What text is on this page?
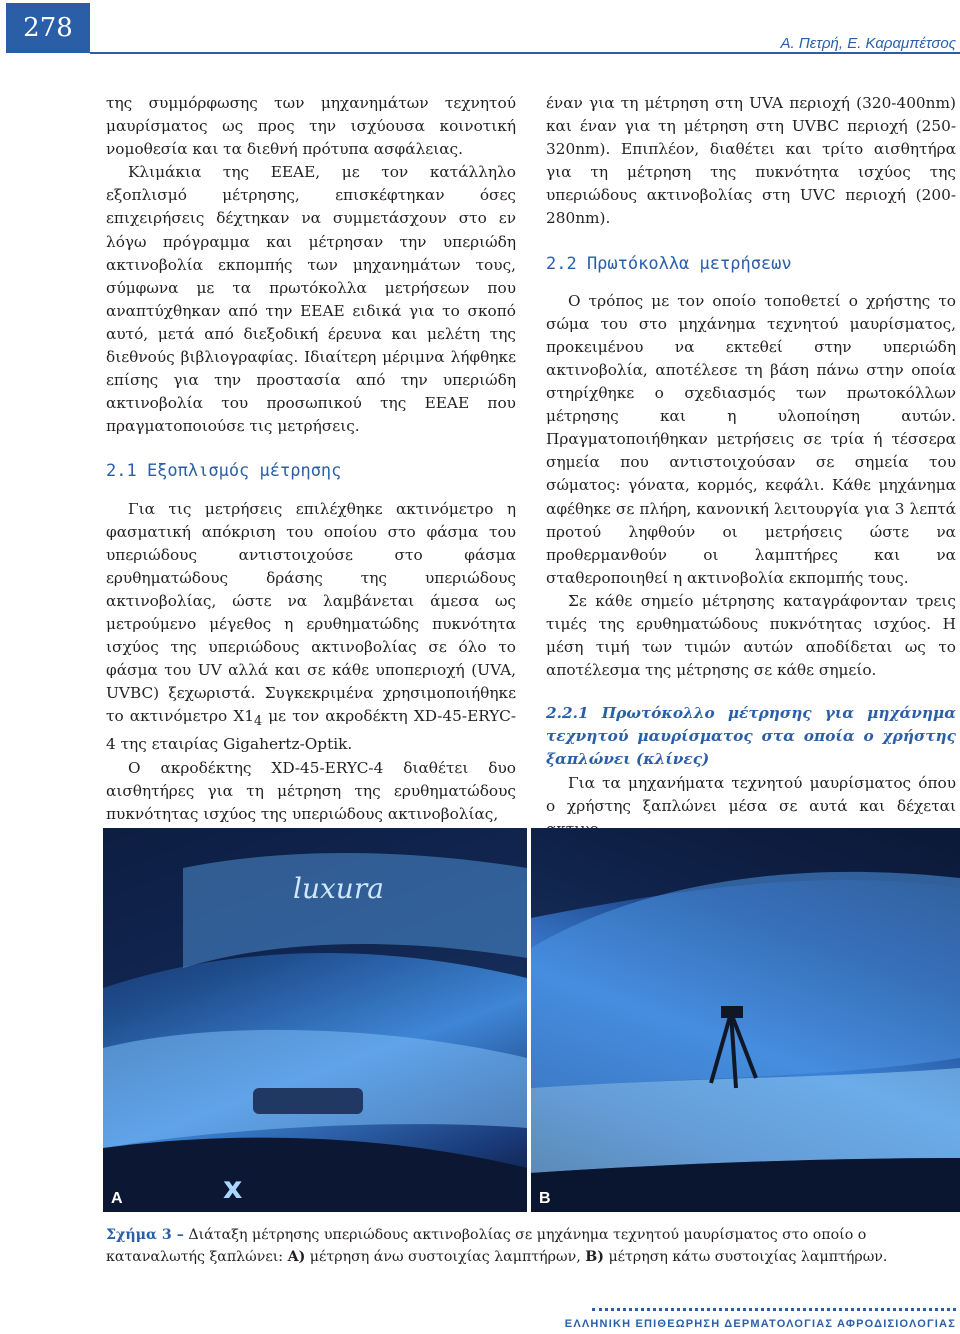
278
Α. Πετρή, Ε. Καραμπέτσος

της συμμόρφωσης των μηχανημάτων τεχνητού μαυρίσματος ως προς την ισχύουσα κοινοτική νομοθεσία και τα διεθνή πρότυπα ασφάλειας.

Κλιμάκια της ΕΕΑΕ, με τον κατάλληλο εξοπλισμό μέτρησης, επισκέφτηκαν όσες επιχειρήσεις δέχτηκαν να συμμετάσχουν στο εν λόγω πρόγραμμα και μέτρησαν την υπεριώδη ακτινοβολία εκπομπής των μηχανημάτων τους, σύμφωνα με τα πρωτόκολλα μετρήσεων που αναπτύχθηκαν από την ΕΕΑΕ ειδικά για το σκοπό αυτό, μετά από διεξοδική έρευνα και μελέτη της διεθνούς βιβλιογραφίας. Ιδιαίτερη μέριμνα λήφθηκε επίσης για την προστασία από την υπεριώδη ακτινοβολία του προσωπικού της ΕΕΑΕ που πραγματοποιούσε τις μετρήσεις.

2.1 Εξοπλισμός μέτρησης

Για τις μετρήσεις επιλέχθηκε ακτινόμετρο η φασματική απόκριση του οποίου στο φάσμα του υπεριώδους αντιστοιχούσε στο φάσμα ερυθηματώδους δράσης της υπεριώδους ακτινοβολίας, ώστε να λαμβάνεται άμεσα ως μετρούμενο μέγεθος η ερυθηματώδης πυκνότητα ισχύος της υπεριώδους ακτινοβολίας σε όλο το φάσμα του UV αλλά και σε κάθε υποπεριοχή (UVA, UVBC) ξεχωριστά. Συγκεκριμένα χρησιμοποιήθηκε το ακτινόμετρο $X1_4$ με τον ακροδέκτη XD-45-ERYC-4 της εταιρίας Gigahertz-Optik.

Ο ακροδέκτης XD-45-ERYC-4 διαθέτει δυο αισθητήρες για τη μέτρηση της ερυθηματώδους πυκνότητας ισχύος της υπεριώδους ακτινοβολίας,

έναν για τη μέτρηση στη UVA περιοχή (320-400nm) και έναν για τη μέτρηση στη UVBC περιοχή (250-320nm). Επιπλέον, διαθέτει και τρίτο αισθητήρα για τη μέτρηση της πυκνότητα ισχύος της υπεριώδους ακτινοβολίας στη UVC περιοχή (200-280nm).

2.2 Πρωτόκολλα μετρήσεων

Ο τρόπος με τον οποίο τοποθετεί ο χρήστης το σώμα του στο μηχάνημα τεχνητού μαυρίσματος, προκειμένου να εκτεθεί στην υπεριώδη ακτινοβολία, αποτέλεσε τη βάση πάνω στην οποία στηρίχθηκε ο σχεδιασμός των πρωτοκόλλων μέτρησης και η υλοποίηση αυτών. Πραγματοποιήθηκαν μετρήσεις σε τρία ή τέσσερα σημεία που αντιστοιχούσαν σε σημεία του σώματος: γόνατα, κορμός, κεφάλι. Κάθε μηχάνημα αφέθηκε σε πλήρη, κανονική λειτουργία για 3 λεπτά προτού ληφθούν οι μετρήσεις ώστε να προθερμανθούν οι λαμπτήρες και να σταθεροποιηθεί η ακτινοβολία εκπομπής τους.

Σε κάθε σημείο μέτρησης καταγράφονταν τρεις τιμές της ερυθηματώδους πυκνότητας ισχύος. Η μέση τιμή των τιμών αυτών αποδίδεται ως το αποτέλεσμα της μέτρησης σε κάθε σημείο.

2.2.1 Πρωτόκολλο μέτρησης για μηχάνημα τεχνητού μαυρίσματος στα οποία ο χρήστης ξαπλώνει (κλίνες)

Για τα μηχανήματα τεχνητού μαυρίσματος όπου ο χρήστης ξαπλώνει μέσα σε αυτά και δέχεται

luxura
x
A	B
Σχήμα 3 – Διάταξη μέτρησης υπεριώδους ακτινοβολίας σε μηχάνημα τεχνητού μαυρίσματος στο οποίο ο καταναλωτής ξαπλώνει: A) μέτρηση άνω συστοιχίας λαμπτήρων, B) μέτρηση κάτω συστοιχίας λαμπτήρων.
ΕΛΛΗΝΙΚΗ ΕΠΙΘΕΩΡΗΣΗ ΔΕΡΜΑΤΟΛΟΓΙΑΣ ΑΦΡΟΔΙΣΙΟΛΟΓΙΑΣ
